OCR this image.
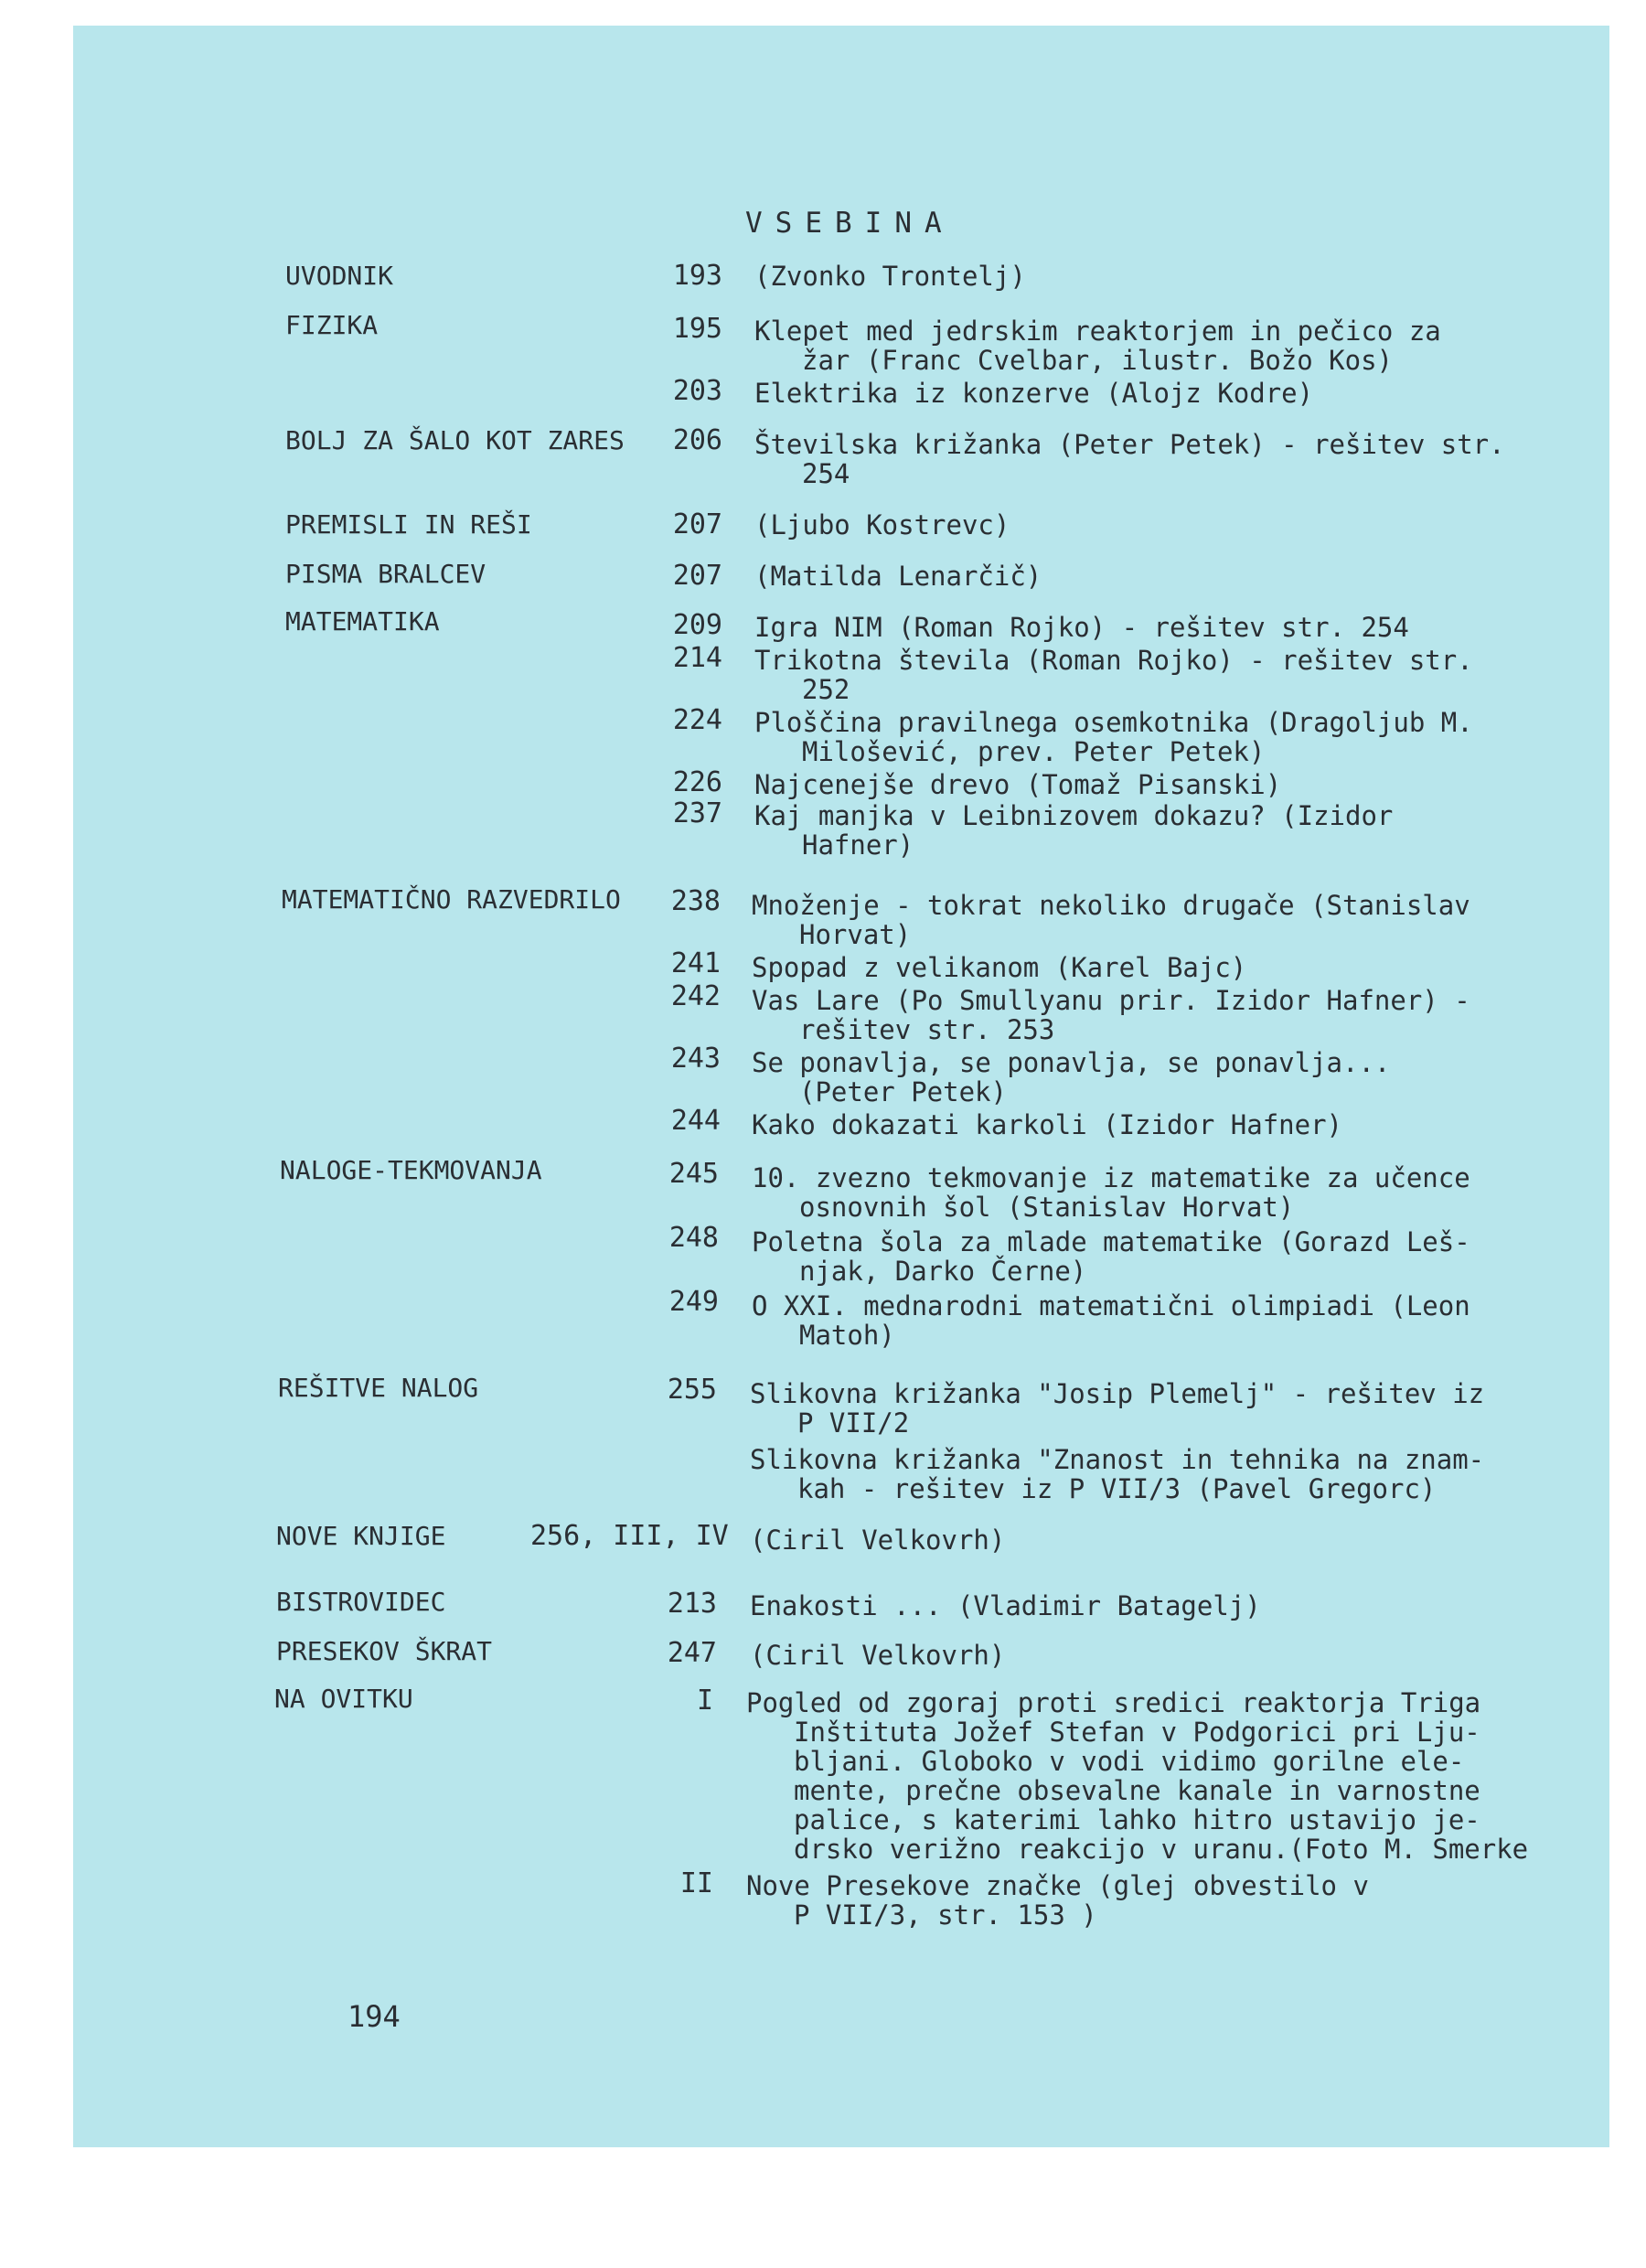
VSEBINA
UVODNIK	193 (Zvonko Trontelj)
FIZIKA	195 Klepet med jedrskim reaktorjem in pečico za
žar (Franc Cvelbar, ilustr. Božo Kos)
203 Elektrika iz konzerve (Alojz Kodre)
BOLJ ZA ŠALO KOT ZARES	206 Številska križanka (Peter Petek) - rešitev str.
254
PREMISLI IN REŠI	207 (Ljubo Kostrevc)
PISMA BRALCEV	207 (Matilda Lenarčič)
MATEMATIKA	209 Igra NIM (Roman Rojko) - rešitev str. 254
214 Trikotna števila (Roman Rojko) - rešitev str.
252
224 Ploščina pravilnega osemkotnika (Dragoljub M.
Milošević, prev. Peter Petek)
226 Najcenejše drevo (Tomaž Pisanski)
237 Kaj manjka v Leibnizovem dokazu? (Izidor
Hafner)
MATEMATIČNO RAZVEDRILO	238 Množenje - tokrat nekoliko drugače (Stanislav
Horvat)
241 Spopad z velikanom (Karel Bajc)
242 Vas Lare (Po Smullyanu prir. Izidor Hafner) -
rešitev str. 253
243 Se ponavlja, se ponavlja, se ponavlja...
(Peter Petek)
244 Kako dokazati karkoli (Izidor Hafner)
NALOGE-TEKMOVANJA	245 10. zvezno tekmovanje iz matematike za učence
osnovnih šol (Stanislav Horvat)
248 Poletna šola za mlade matematike (Gorazd Leš-
njak, Darko Černe)
249 O XXI. mednarodni matematični olimpiadi (Leon
Matoh)
REŠITVE NALOG	255 Slikovna križanka "Josip Plemelj" - rešitev iz
P VII/2
Slikovna križanka "Znanost in tehnika na znam-
kah - rešitev iz P VII/3 (Pavel Gregorc)
NOVE KNJIGE	256, III, IV (Ciril Velkovrh)
BISTROVIDEC	213 Enakosti ... (Vladimir Batagelj)
PRESEKOV ŠKRAT	247 (Ciril Velkovrh)
NA OVITKU	I Pogled od zgoraj proti sredici reaktorja Triga
Inštituta Jožef Stefan v Podgorici pri Lju-
bljani. Globoko v vodi vidimo gorilne ele-
mente, prečne obsevalne kanale in varnostne
palice, s katerimi lahko hitro ustavijo je-
drsko verižno reakcijo v uranu.(Foto M. Smerke
II Nove Presekove značke (glej obvestilo v
P VII/3, str. 153 )
194
